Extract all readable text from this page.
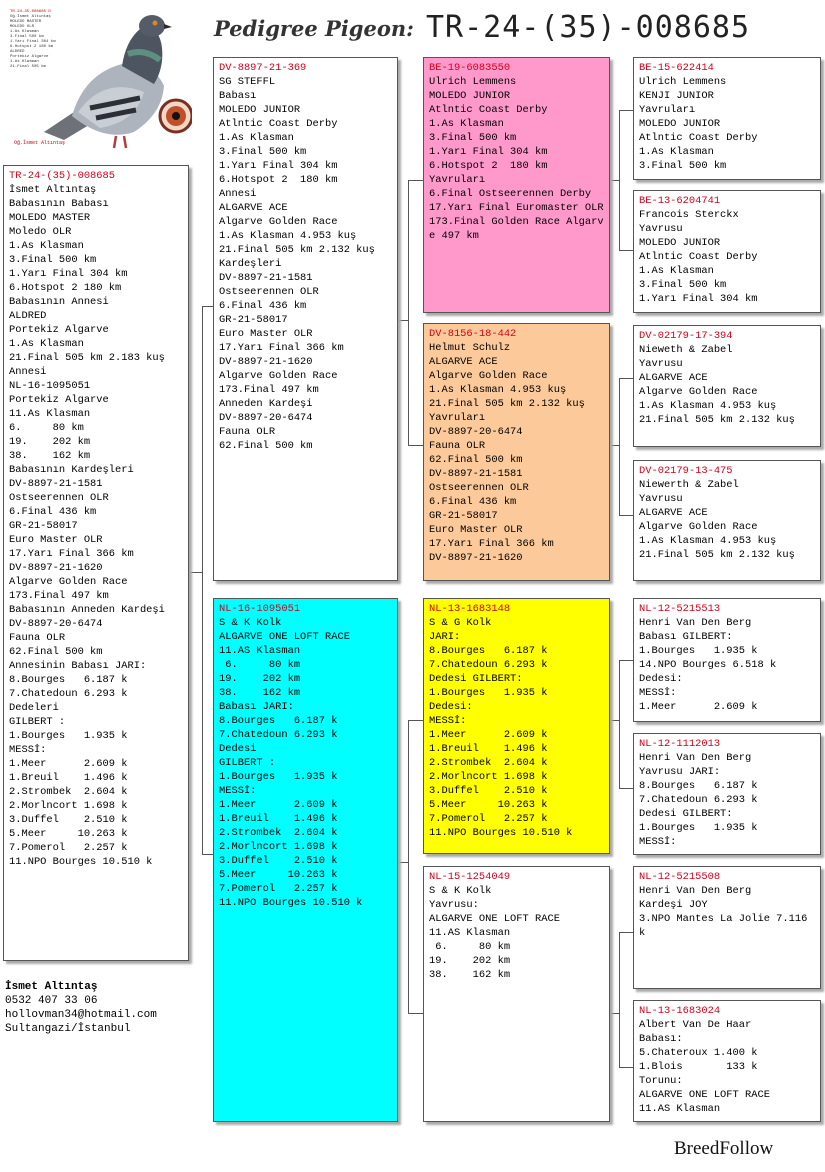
TR-24-35-008685 D
Oğ.İsmet Altıntaş
MOLEDO MASTER
MOLEDO OLR
1.As Klasman
3.Final 500 km
1.Yarı Final 304 km
6.Hotspot 2 180 km
ALDRED
Portekiz Algarve
1.As Klasman
21.Final 505 km
Oğ.İsmet Altıntaş
Pedigree Pigeon: TR-24-(35)-008685
TR-24-(35)-008685
İsmet Altıntaş
Babasının Babası
MOLEDO MASTER
Moledo OLR
1.As Klasman
3.Final 500 km
1.Yarı Final 304 km
6.Hotspot 2 180 km
Babasının Annesi
ALDRED
Portekiz Algarve
1.As Klasman
21.Final 505 km 2.183 kuş
Annesi
NL-16-1095051
Portekiz Algarve
11.As Klasman
6.     80 km
19.    202 km
38.    162 km
Babasının Kardeşleri
DV-8897-21-1581
Ostseerennen OLR
6.Final 436 km
GR-21-58017
Euro Master OLR
17.Yarı Final 366 km
DV-8897-21-1620
Algarve Golden Race
173.Final 497 km
Babasının Anneden Kardeşi
DV-8897-20-6474
Fauna OLR
62.Final 500 km
Annesinin Babası JARI:
8.Bourges   6.187 k
7.Chatedoun 6.293 k
Dedeleri
GILBERT :
1.Bourges   1.935 k
MESSİ:
1.Meer      2.609 k
1.Breuil    1.496 k
2.Strombek  2.604 k
2.Morlncort 1.698 k
3.Duffel    2.510 k
5.Meer     10.263 k
7.Pomerol   2.257 k
11.NPO Bourges 10.510 k
DV-8897-21-369
SG STEFFL
Babası
MOLEDO JUNIOR
Atlntic Coast Derby
1.As Klasman
3.Final 500 km
1.Yarı Final 304 km
6.Hotspot 2  180 km
Annesi
ALGARVE ACE
Algarve Golden Race
1.As Klasman 4.953 kuş
21.Final 505 km 2.132 kuş
Kardeşleri
DV-8897-21-1581
Ostseerennen OLR
6.Final 436 km
GR-21-58017
Euro Master OLR
17.Yarı Final 366 km
DV-8897-21-1620
Algarve Golden Race
173.Final 497 km
Anneden Kardeşi
DV-8897-20-6474
Fauna OLR
62.Final 500 km
NL-16-1095051
S & K Kolk
ALGARVE ONE LOFT RACE
11.AS Klasman
6.     80 km
19.    202 km
38.    162 km
Babası JARI:
8.Bourges   6.187 k
7.Chatedoun 6.293 k
Dedesi
GILBERT :
1.Bourges   1.935 k
MESSİ:
1.Meer      2.609 k
1.Breuil    1.496 k
2.Strombek  2.604 k
2.Morlncort 1.698 k
3.Duffel    2.510 k
5.Meer     10.263 k
7.Pomerol   2.257 k
11.NPO Bourges 10.510 k
BE-19-6083550
Ulrich Lemmens
MOLEDO JUNIOR
Atlntic Coast Derby
1.As Klasman
3.Final 500 km
1.Yarı Final 304 km
6.Hotspot 2  180 km
Yavruları
6.Final Ostseerennen Derby
17.Yarı Final Euromaster OLR
173.Final Golden Race Algarve 497 km
DV-8156-18-442
Helmut Schulz
ALGARVE ACE
Algarve Golden Race
1.As Klasman 4.953 kuş
21.Final 505 km 2.132 kuş
Yavruları
DV-8897-20-6474
Fauna OLR
62.Final 500 km
DV-8897-21-1581
Ostseerennen OLR
6.Final 436 km
GR-21-58017
Euro Master OLR
17.Yarı Final 366 km
DV-8897-21-1620
NL-13-1683148
S & G Kolk
JARI:
8.Bourges   6.187 k
7.Chatedoun 6.293 k
Dedesi GILBERT:
1.Bourges   1.935 k
Dedesi:
MESSİ:
1.Meer      2.609 k
1.Breuil    1.496 k
2.Strombek  2.604 k
2.Morlncort 1.698 k
3.Duffel    2.510 k
5.Meer     10.263 k
7.Pomerol   2.257 k
11.NPO Bourges 10.510 k
NL-15-1254049
S & K Kolk
Yavrusu:
ALGARVE ONE LOFT RACE
11.AS Klasman
6.     80 km
19.    202 km
38.    162 km
BE-15-622414
Ulrich Lemmens
KENJI JUNIOR
Yavruları
MOLEDO JUNIOR
Atlntic Coast Derby
1.As Klasman
3.Final 500 km
BE-13-6204741
Francois Sterckx
Yavrusu
MOLEDO JUNIOR
Atlntic Coast Derby
1.As Klasman
3.Final 500 km
1.Yarı Final 304 km
DV-02179-17-394
Nieweth & Zabel
Yavrusu
ALGARVE ACE
Algarve Golden Race
1.As Klasman 4.953 kuş
21.Final 505 km 2.132 kuş
DV-02179-13-475
Niewerth & Zabel
Yavrusu
ALGARVE ACE
Algarve Golden Race
1.As Klasman 4.953 kuş
21.Final 505 km 2.132 kuş
NL-12-5215513
Henri Van Den Berg
Babası GILBERT:
1.Bourges   1.935 k
14.NPO Bourges 6.518 k
Dedesi:
MESSİ:
1.Meer      2.609 k
NL-12-1112013
Henri Van Den Berg
Yavrusu JARI:
8.Bourges   6.187 k
7.Chatedoun 6.293 k
Dedesi GILBERT:
1.Bourges   1.935 k
MESSİ:
NL-12-5215508
Henri Van Den Berg
Kardeşi JOY
3.NPO Mantes La Jolie 7.116 k
NL-13-1683024
Albert Van De Haar
Babası:
5.Chateroux 1.400 k
1.Blois       133 k
Torunu:
ALGARVE ONE LOFT RACE
11.AS Klasman
İsmet Altıntaş
0532 407 33 06
hollovman34@hotmail.com
Sultangazi/İstanbul
BreedFollow
